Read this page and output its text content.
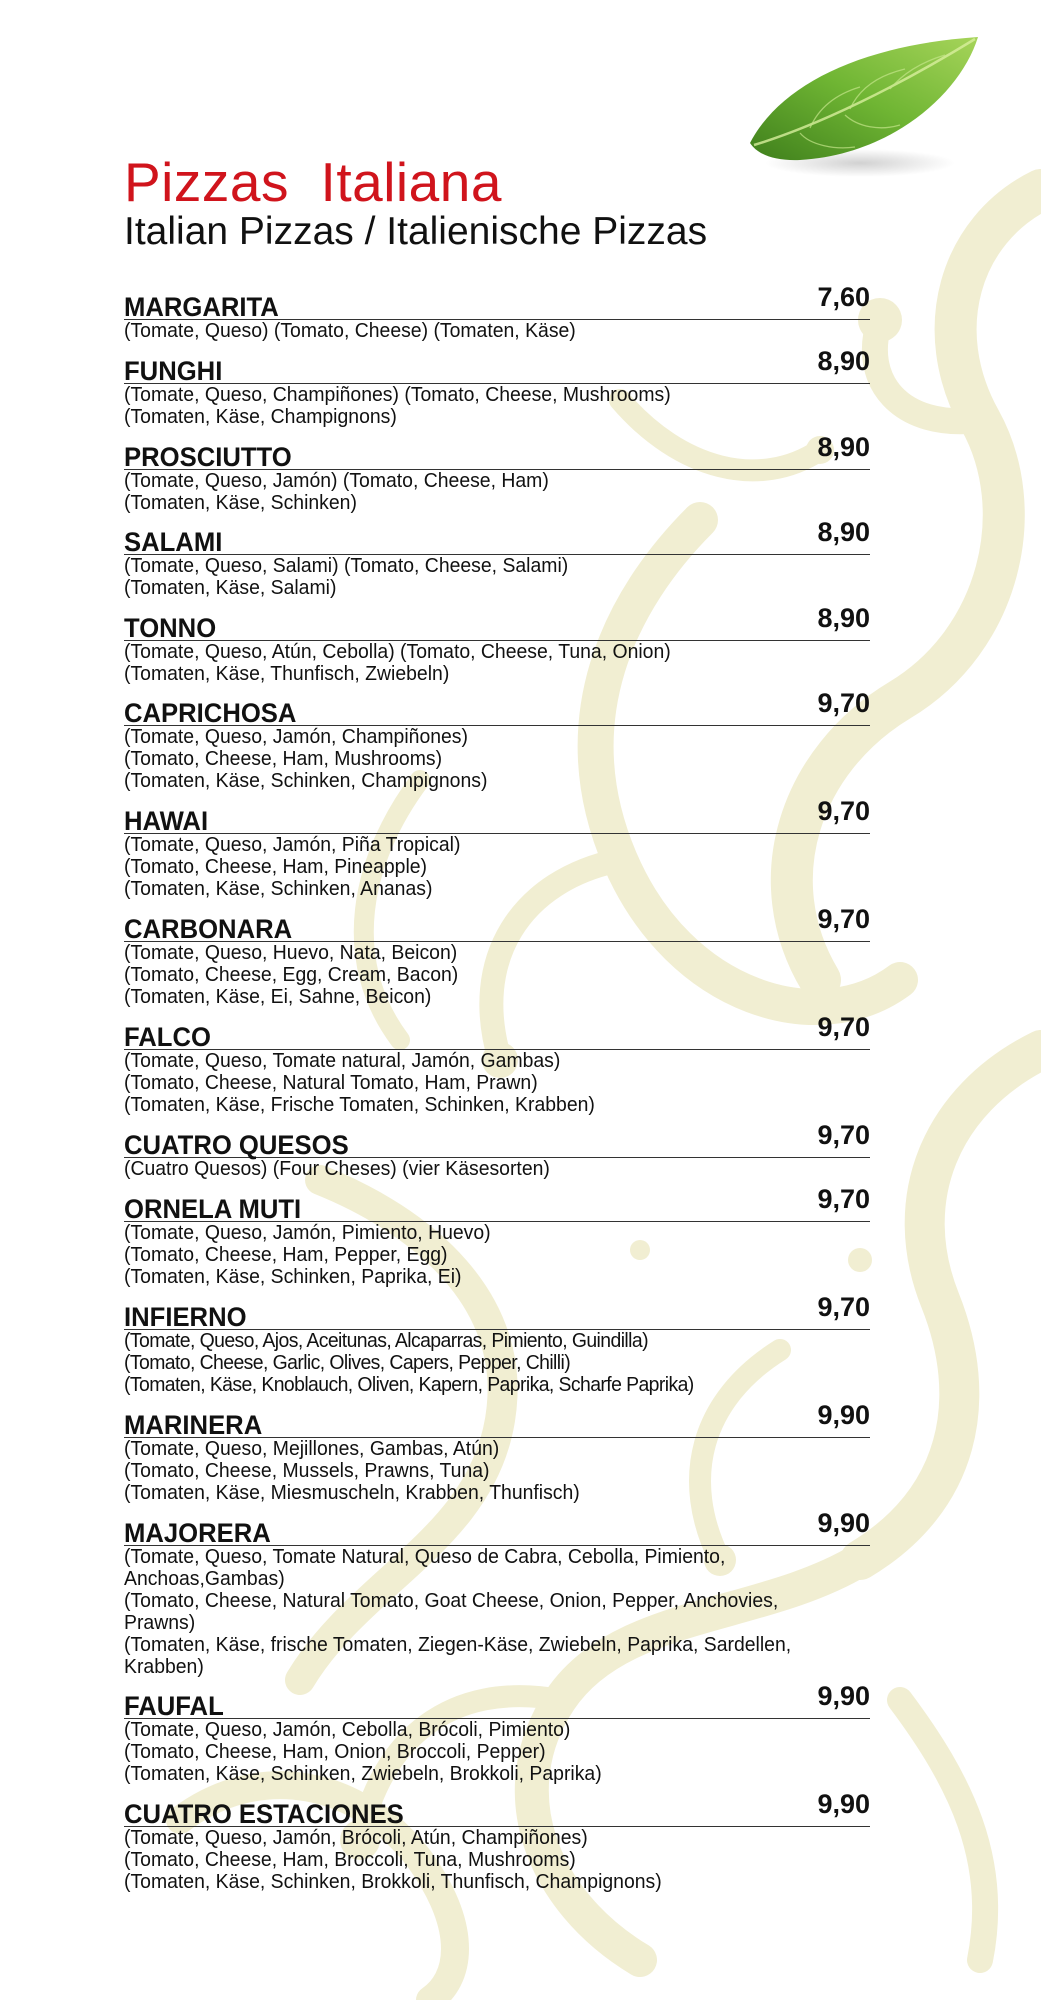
Pizzas  Italiana
Italian Pizzas / Italienische Pizzas
MARGARITA	7,60
(Tomate, Queso) (Tomato, Cheese) (Tomaten, Käse)
FUNGHI	8,90
(Tomate, Queso, Champiñones) (Tomato, Cheese, Mushrooms)
(Tomaten, Käse, Champignons)
PROSCIUTTO	8,90
(Tomate, Queso, Jamón) (Tomato, Cheese, Ham)
(Tomaten, Käse, Schinken)
SALAMI	8,90
(Tomate, Queso, Salami) (Tomato, Cheese, Salami)
(Tomaten, Käse, Salami)
TONNO	8,90
(Tomate, Queso, Atún, Cebolla) (Tomato, Cheese, Tuna, Onion)
(Tomaten, Käse, Thunfisch, Zwiebeln)
CAPRICHOSA	9,70
(Tomate, Queso, Jamón, Champiñones)
(Tomato, Cheese, Ham, Mushrooms)
(Tomaten, Käse, Schinken, Champignons)
HAWAI	9,70
(Tomate, Queso, Jamón, Piña Tropical)
(Tomato, Cheese, Ham, Pineapple)
(Tomaten, Käse, Schinken, Ananas)
CARBONARA	9,70
(Tomate, Queso, Huevo, Nata, Beicon)
(Tomato, Cheese, Egg, Cream, Bacon)
(Tomaten, Käse, Ei, Sahne, Beicon)
FALCO	9,70
(Tomate, Queso, Tomate natural, Jamón, Gambas)
(Tomato, Cheese, Natural Tomato, Ham, Prawn)
(Tomaten, Käse, Frische Tomaten, Schinken, Krabben)
CUATRO QUESOS	9,70
(Cuatro Quesos) (Four Cheses) (vier Käsesorten)
ORNELA MUTI	9,70
(Tomate, Queso, Jamón, Pimiento, Huevo)
(Tomato, Cheese, Ham, Pepper, Egg)
(Tomaten, Käse, Schinken, Paprika, Ei)
INFIERNO	9,70
(Tomate, Queso, Ajos, Aceitunas, Alcaparras, Pimiento, Guindilla)
(Tomato, Cheese, Garlic, Olives, Capers, Pepper, Chilli)
(Tomaten, Käse, Knoblauch, Oliven, Kapern, Paprika, Scharfe Paprika)
MARINERA	9,90
(Tomate, Queso, Mejillones, Gambas, Atún)
(Tomato, Cheese, Mussels, Prawns, Tuna)
(Tomaten, Käse, Miesmuscheln, Krabben, Thunfisch)
MAJORERA	9,90
(Tomate, Queso, Tomate Natural, Queso de Cabra, Cebolla, Pimiento,
Anchoas,Gambas)
(Tomato, Cheese, Natural Tomato, Goat Cheese, Onion, Pepper, Anchovies,
Prawns)
(Tomaten, Käse, frische Tomaten, Ziegen-Käse, Zwiebeln, Paprika, Sardellen,
Krabben)
FAUFAL	9,90
(Tomate, Queso, Jamón, Cebolla, Brócoli, Pimiento)
(Tomato, Cheese, Ham, Onion, Broccoli, Pepper)
(Tomaten, Käse, Schinken, Zwiebeln, Brokkoli, Paprika)
CUATRO ESTACIONES	9,90
(Tomate, Queso, Jamón, Brócoli, Atún, Champiñones)
(Tomato, Cheese, Ham, Broccoli, Tuna, Mushrooms)
(Tomaten, Käse, Schinken, Brokkoli, Thunfisch, Champignons)
